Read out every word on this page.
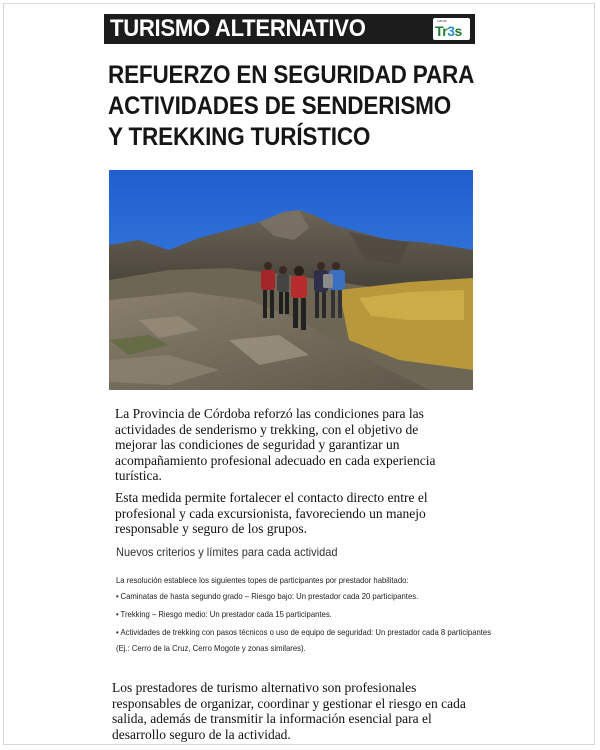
TURISMO ALTERNATIVO	canal
Tr3s
REFUERZO EN SEGURIDAD PARA
ACTIVIDADES DE SENDERISMO
Y TREKKING TURÍSTICO

La Provincia de Córdoba reforzó las condiciones para las actividades de senderismo y trekking, con el objetivo de mejorar las condiciones de seguridad y garantizar un acompañamiento profesional adecuado en cada experiencia turística.

Esta medida permite fortalecer el contacto directo entre el profesional y cada excursionista, favoreciendo un manejo responsable y seguro de los grupos.

Nuevos criterios y límites para cada actividad

La resolución establece los siguientes topes de participantes por prestador habilitado:

• Caminatas de hasta segundo grado – Riesgo bajo: Un prestador cada 20 participantes.
• Trekking – Riesgo medio: Un prestador cada 15 participantes.
• Actividades de trekking con pasos técnicos o uso de equipo de seguridad: Un prestador cada 8 participantes

(Ej.: Cerro de la Cruz, Cerro Mogote y zonas similares).

Los prestadores de turismo alternativo son profesionales responsables de organizar, coordinar y gestionar el riesgo en cada salida, además de transmitir la información esencial para el desarrollo seguro de la actividad.
